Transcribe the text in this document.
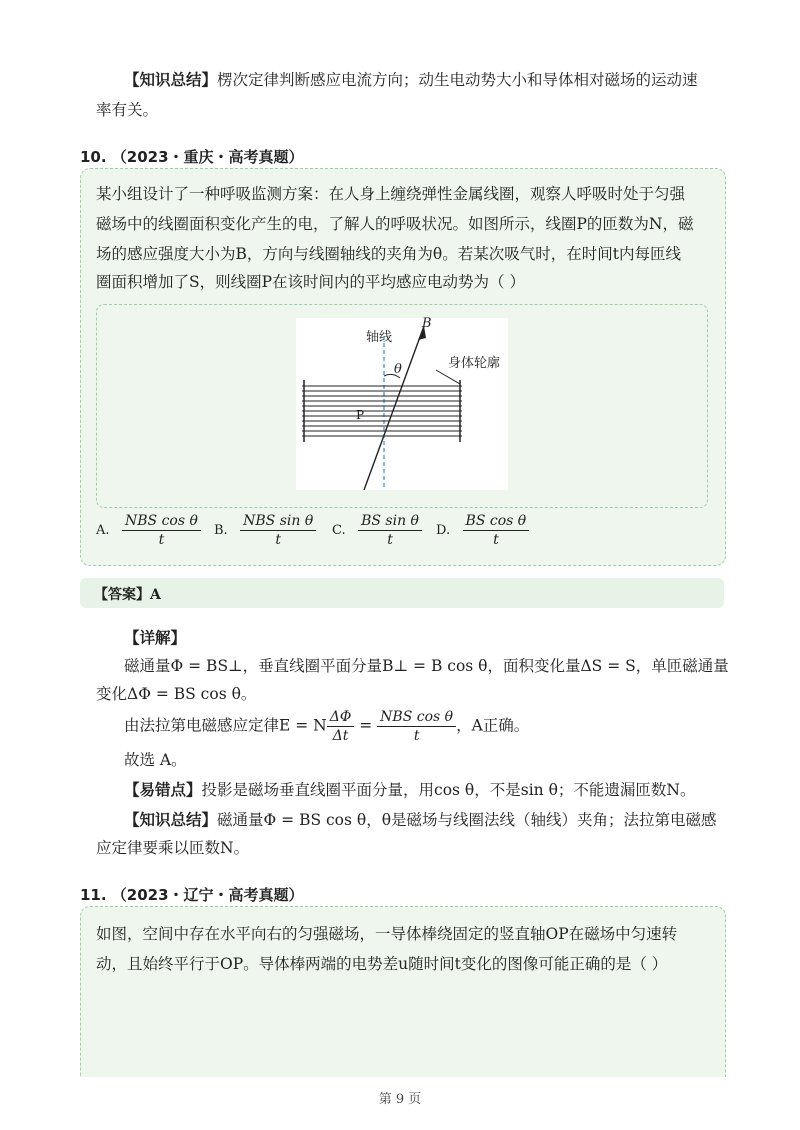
【知识总结】楞次定律判断感应电流方向；动生电动势大小和导体相对磁场的运动速
率有关。
10. （2023・重庆・高考真题）
某小组设计了一种呼吸监测方案：在人身上缠绕弹性金属线圈，观察人呼吸时处于匀强
磁场中的线圈面积变化产生的电，了解人的呼吸状况。如图所示，线圈P的匝数为N，磁
场的感应强度大小为B，方向与线圈轴线的夹角为θ。若某次吸气时，在时间t内每匝线
圈面积增加了S，则线圈P在该时间内的平均感应电动势为（ ）
轴线
B
θ	身体轮廓
P
A. $\frac{\text{NBS cos θ}}{t} B$. $\frac{\text{NBS sin θ}}{t} C$. $\frac{\text{BS sin θ}}{t} D$. $\frac{\text{BS cos θ}}{t}$
【答案】A
【详解】
磁通量Φ = BS⊥，垂直线圈平面分量B⊥ = B cos θ，面积变化量ΔS = S，单匝磁通量
变化ΔΦ = BS cos θ。
由法拉第电磁感应定律E = N $\frac{\Delta\Phi}{\Delta t} = \frac{\text{NBS cos θ}}{t}$ ，A正确。
故选 A。
【易错点】投影是磁场垂直线圈平面分量，用cos θ，不是sin θ；不能遗漏匝数N。
【知识总结】磁通量Φ = BS cos θ，θ是磁场与线圈法线（轴线）夹角；法拉第电磁感
应定律要乘以匝数N。
11. （2023・辽宁・高考真题）
如图，空间中存在水平向右的匀强磁场，一导体棒绕固定的竖直轴OP在磁场中匀速转
动，且始终平行于OP。导体棒两端的电势差u随时间t变化的图像可能正确的是（ ）
第 9 页
